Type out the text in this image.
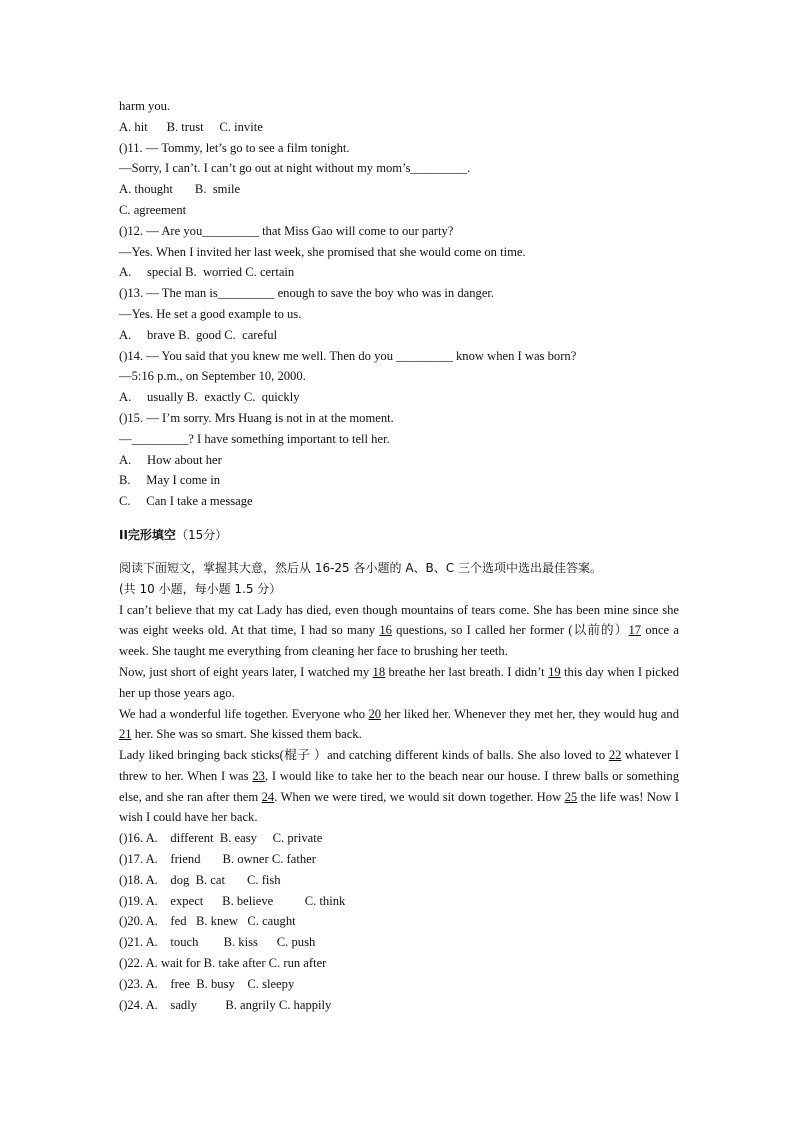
harm you.

A. hit      B. trust     C. invite

()11. — Tommy, let’s go to see a film tonight.

—Sorry, I can’t. I can’t go out at night without my mom’s_________.

A. thought       B.  smile

C. agreement

()12. — Are you_________ that Miss Gao will come to our party?

—Yes. When I invited her last week, she promised that she would come on time.

A.     special B.  worried C. certain

()13. — The man is_________ enough to save the boy who was in danger.

—Yes. He set a good example to us.

A.     brave B.  good C.  careful

()14. — You said that you knew me well. Then do you _________ know when I was born?

—5:16 p.m., on September 10, 2000.

A.     usually B.  exactly C.  quickly

()15. — I’m sorry. Mrs Huang is not in at the moment.

—_________? I have something important to tell her.

A.     How about her

B.     May I come in

C.     Can I take a message

II完形填空（15分）

阅读下面短文，掌握其大意，然后从 16-25 各小题的 A、B、C 三个选项中选出最佳答案。

(共 10 小题，每小题 1.5 分）

I can’t believe that my cat Lady has died, even though mountains of tears come. She has been mine since she was eight weeks old. At that time, I had so many 16 questions, so I called her former (以前的）17 once a week. She taught me everything from cleaning her face to brushing her teeth.

Now, just short of eight years later, I watched my 18 breathe her last breath. I didn’t 19 this day when I picked her up those years ago.

We had a wonderful life together. Everyone who 20 her liked her. Whenever they met her, they would hug and 21 her. She was so smart. She kissed them back.

Lady liked bringing back sticks(棍子 ）and catching different kinds of balls. She also loved to 22 whatever I threw to her. When I was 23, I would like to take her to the beach near our house. I threw balls or something else, and she ran after them 24. When we were tired, we would sit down together. How 25 the life was! Now I wish I could have her back.

()16. A.    different  B. easy     C. private

()17. A.    friend       B. owner C. father

()18. A.    dog  B. cat       C. fish

()19. A.    expect      B. believe          C. think

()20. A.    fed   B. knew   C. caught

()21. A.    touch        B. kiss      C. push

()22. A. wait for B. take after C. run after

()23. A.    free  B. busy    C. sleepy

()24. A.    sadly         B. angrily C. happily
